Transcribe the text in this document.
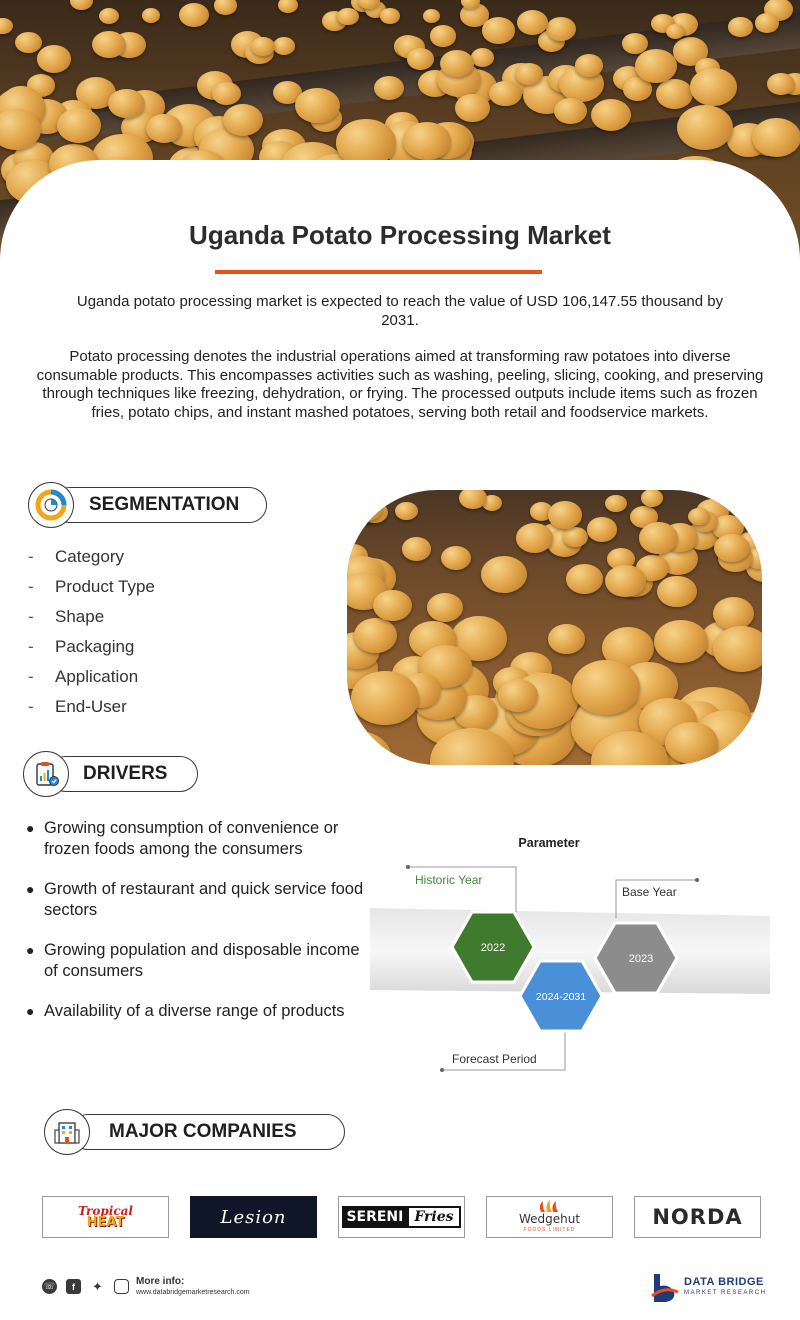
Uganda Potato Processing Market

Uganda potato processing market is expected to reach the value of USD 106,147.55 thousand by 2031.

Potato processing denotes the industrial operations aimed at transforming raw potatoes into diverse consumable products. This encompasses activities such as washing, peeling, slicing, cooking, and preserving through techniques like freezing, dehydration, or frying. The processed outputs include items such as frozen fries, potato chips, and instant mashed potatoes, serving both retail and foodservice markets.

SEGMENTATION
-	Category
-	Product Type
-	Shape
-	Packaging
-	Application
-	End-User
DRIVERS
● Growing consumption of convenience or frozen foods among the consumers
● Growth of restaurant and quick service food sectors
● Growing population and disposable income of consumers
● Availability of a diverse range of products
Parameter
Historic Year
Base Year
Forecast Period
2022
2024-2031
2023
MAJOR COMPANIES
Tropical
HEAT	Lesion	SERENI Fries	Wedgehut
FOODS LIMITED
NORDA
☏	f	✦	More info:
www.databridgemarketresearch.com
DATA BRIDGE
MARKET RESEARCH
